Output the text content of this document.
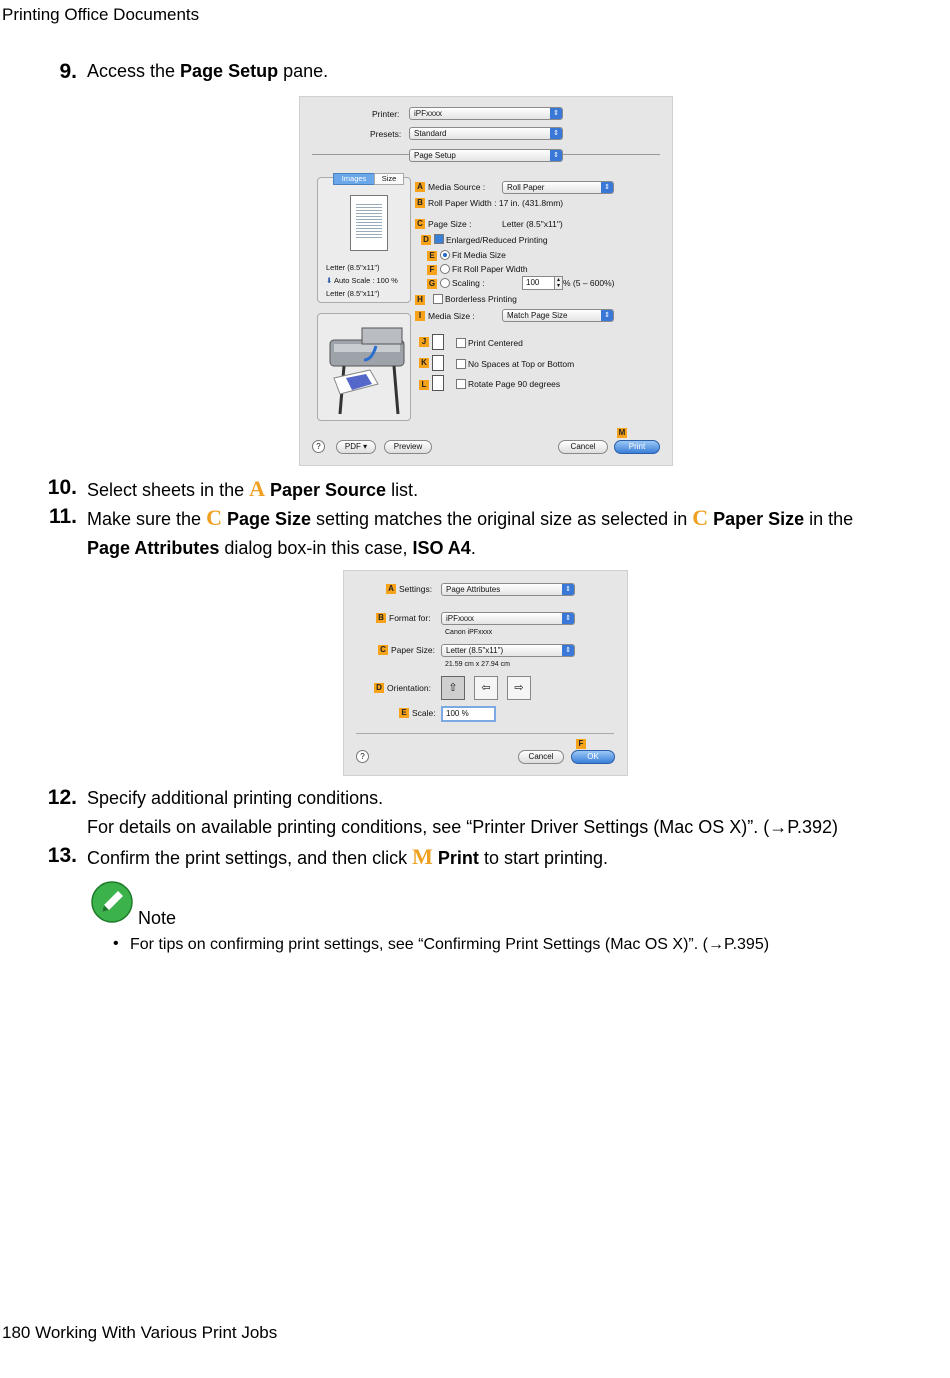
Printing Office Documents
180 Working With Various Print Jobs
9. Access the Page Setup pane.
Printer:	iPFxxxx	⇕
Presets:	Standard	⇕
Page Setup	⇕
Images	Size
Letter (8.5"x11")
⬇ Auto Scale : 100 %
Letter (8.5"x11")
A Media Source :	Roll Paper	⇕
B Roll Paper Width : 17 in. (431.8mm)
C Page Size :	Letter (8.5"x11")
D Enlarged/Reduced Printing
E Fit Media Size
F	Fit Roll Paper Width
G Scaling :	100	▴
▾ % (5 – 600%)
H	Borderless Printing
I Media Size :	Match Page Size	⇕
J	Print Centered
K	No Spaces at Top or Bottom
L	Rotate Page 90 degrees
?	PDF ▾	Preview
M
Cancel	Print
10. Select sheets in the A Paper Source list.
11. Make sure the C Page Size setting matches the original size as selected in C Paper Size in the
Page Attributes dialog box-in this case, ISO A4.
A Settings:	Page Attributes	⇕
B Format for:	iPFxxxx	⇕
Canon iPFxxxx
C Paper Size:	Letter (8.5"x11")	⇕
21.59 cm x 27.94 cm
D Orientation:	⇧	⇦	⇨
E Scale:	100 %
?
F
Cancel	OK
12. Specify additional printing conditions.
For details on available printing conditions, see “Printer Driver Settings (Mac OS X)”. (→P.392)
13. Confirm the print settings, and then click M Print to start printing.
Note
• For tips on confirming print settings, see “Confirming Print Settings (Mac OS X)”. (→P.395)
